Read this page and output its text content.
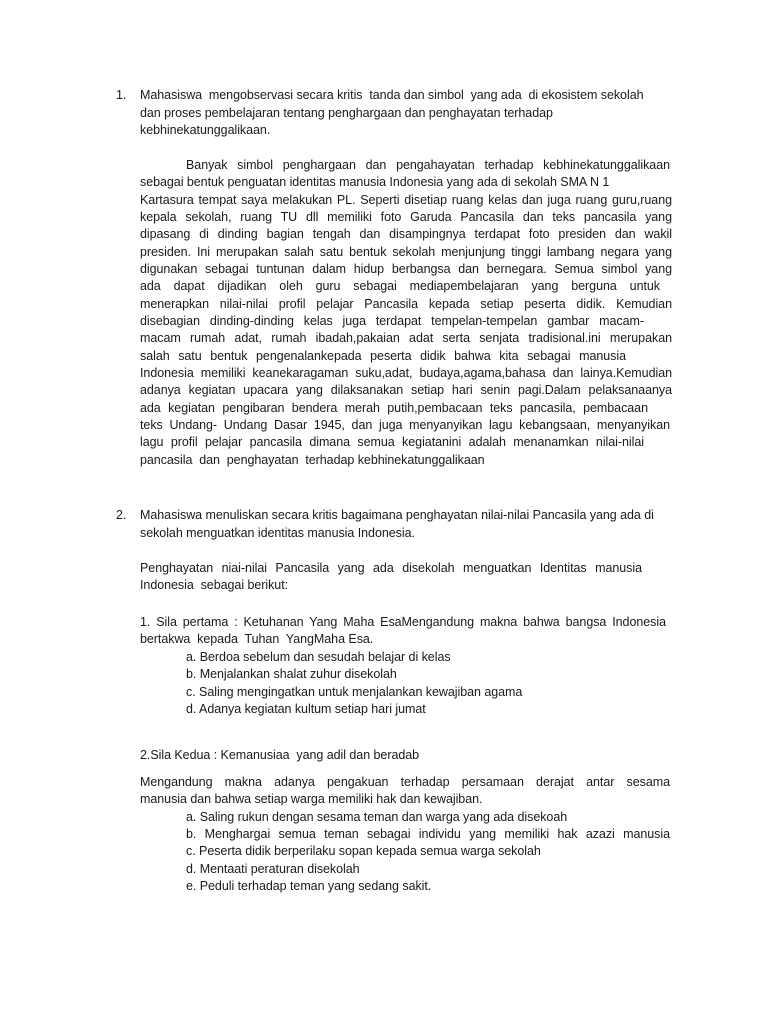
1. Mahasiswa  mengobservasi secara kritis  tanda dan simbol  yang ada  di ekosistem sekolah
dan proses pembelajaran tentang penghargaan dan penghayatan terhadap
kebhinekatunggalikaan.
Banyak simbol penghargaan dan pengahayatan terhadap kebhinekatunggalikaan
sebagai bentuk penguatan identitas manusia Indonesia yang ada di sekolah SMA N 1
Kartasura tempat saya melakukan PL. Seperti disetiap ruang kelas dan juga ruang guru,ruang
kepala sekolah, ruang TU dll memiliki foto Garuda Pancasila dan teks pancasila yang
dipasang di dinding bagian tengah dan disampingnya terdapat foto presiden dan wakil
presiden. Ini merupakan salah satu bentuk sekolah menjunjung tinggi lambang negara yang
digunakan sebagai tuntunan dalam hidup berbangsa dan bernegara. Semua simbol yang
ada dapat dijadikan oleh guru sebagai mediapembelajaran yang berguna untuk
menerapkan nilai-nilai profil pelajar Pancasila kepada setiap peserta didik. Kemudian
disebagian dinding-dinding kelas juga terdapat tempelan-tempelan gambar macam-
macam rumah adat, rumah ibadah,pakaian adat serta senjata tradisional.ini merupakan
salah satu bentuk pengenalankepada peserta didik bahwa kita sebagai manusia
Indonesia memiliki keanekaragaman suku,adat, budaya,agama,bahasa dan lainya.Kemudian
adanya kegiatan upacara yang dilaksanakan setiap hari senin pagi.Dalam pelaksanaanya
ada kegiatan pengibaran bendera merah putih,pembacaan teks pancasila, pembacaan
teks Undang- Undang Dasar 1945, dan juga menyanyikan lagu kebangsaan, menyanyikan
lagu profil pelajar pancasila dimana semua kegiatanini adalah menanamkan nilai-nilai
pancasila  dan  penghayatan  terhadap kebhinekatunggalikaan
2. Mahasiswa menuliskan secara kritis bagaimana penghayatan nilai-nilai Pancasila yang ada di
sekolah menguatkan identitas manusia Indonesia.
Penghayatan niai-nilai Pancasila yang ada disekolah menguatkan Identitas manusia
Indonesia  sebagai berikut:
1. Sila pertama : Ketuhanan Yang Maha EsaMengandung makna bahwa bangsa Indonesia
bertakwa  kepada  Tuhan  YangMaha Esa.
a. Berdoa sebelum dan sesudah belajar di kelas
b. Menjalankan shalat zuhur disekolah
c. Saling mengingatkan untuk menjalankan kewajiban agama
d. Adanya kegiatan kultum setiap hari jumat
2.Sila Kedua : Kemanusiaa  yang adil dan beradab
Mengandung makna adanya pengakuan terhadap persamaan derajat antar sesama
manusia dan bahwa setiap warga memiliki hak dan kewajiban.
a. Saling rukun dengan sesama teman dan warga yang ada disekoah
b. Menghargai semua teman sebagai individu yang memiliki hak azazi manusia
c. Peserta didik berperilaku sopan kepada semua warga sekolah
d. Mentaati peraturan disekolah
e. Peduli terhadap teman yang sedang sakit.
